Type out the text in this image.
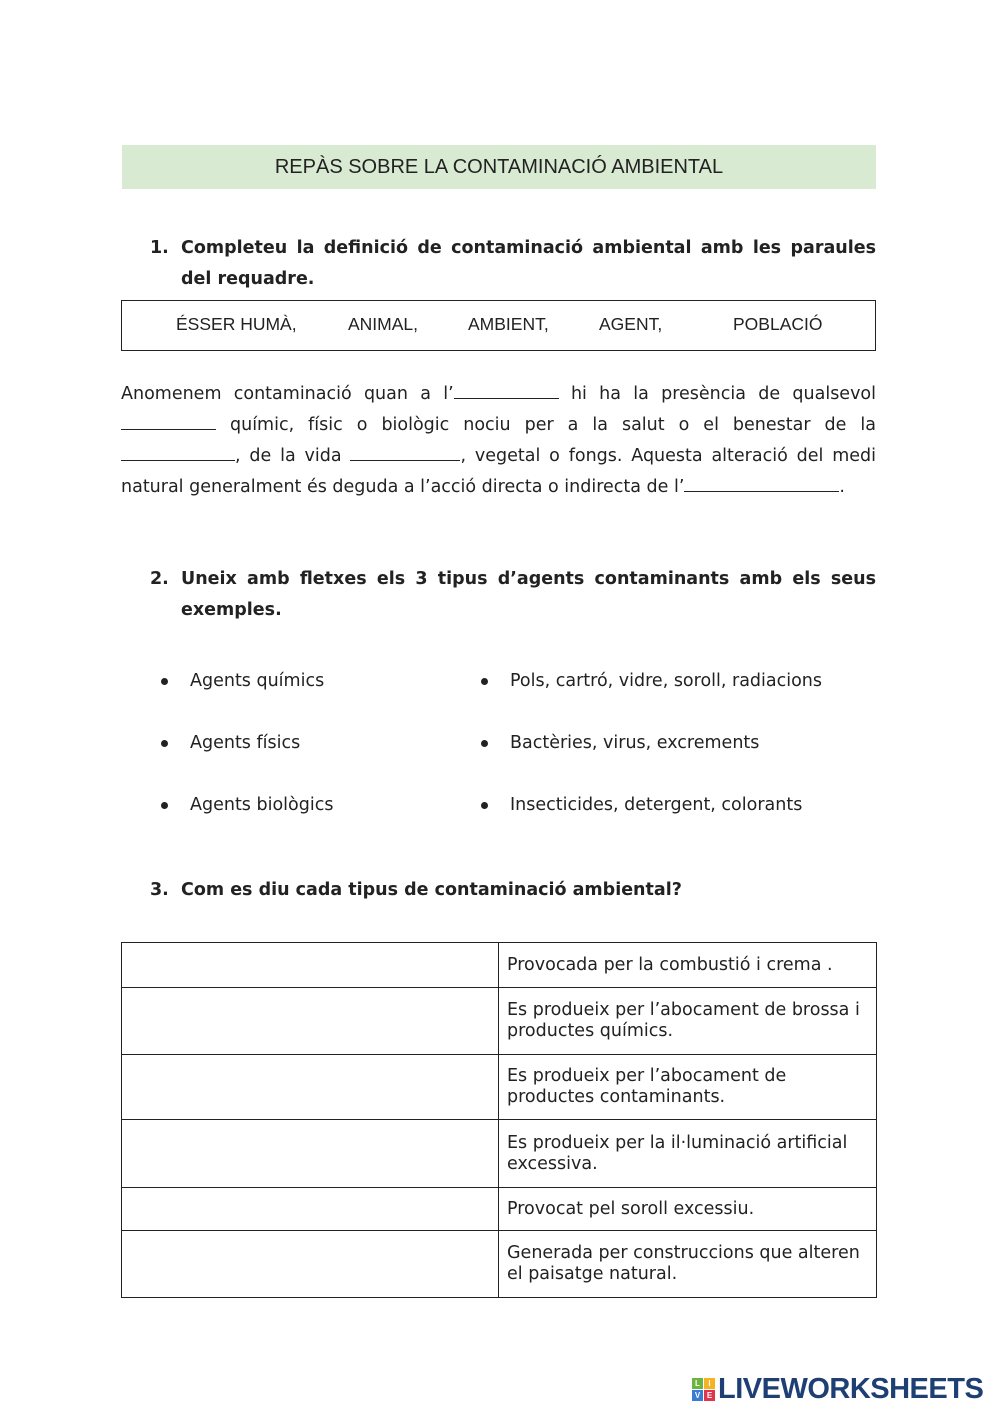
REPÀS SOBRE LA CONTAMINACIÓ AMBIENTAL
1. Completeu la definició de contaminació ambiental amb les paraules del requadre.
ÉSSER HUMÀ,	ANIMAL,	AMBIENT,	AGENT,	POBLACIÓ
Anomenem contaminació quan a l’	hi ha la presència de qualsevol  químic, físic o biològic nociu per a la salut o el benestar de la , de la vida	, vegetal o fongs. Aquesta alteració del medi natural generalment és deguda a l’acció directa o indirecta de l’	.
2. Uneix amb fletxes els 3 tipus d’agents contaminants amb els seus exemples.
Agents químics
Agents físics
Agents biològics
Pols, cartró, vidre, soroll, radiacions
Bactèries, virus, excrements
Insecticides, detergent, colorants
3. Com es diu cada tipus de contaminació ambiental?
	Provocada per la combustió i crema .
	Es produeix per l’abocament de brossa i productes químics.
	Es produeix per l’abocament de productes contaminants.
	Es produeix per la il·luminació artificial excessiva.
	Provocat pel soroll excessiu.
	Generada per construccions que alteren el paisatge natural.
L	I
V E LIVEWORKSHEETS
